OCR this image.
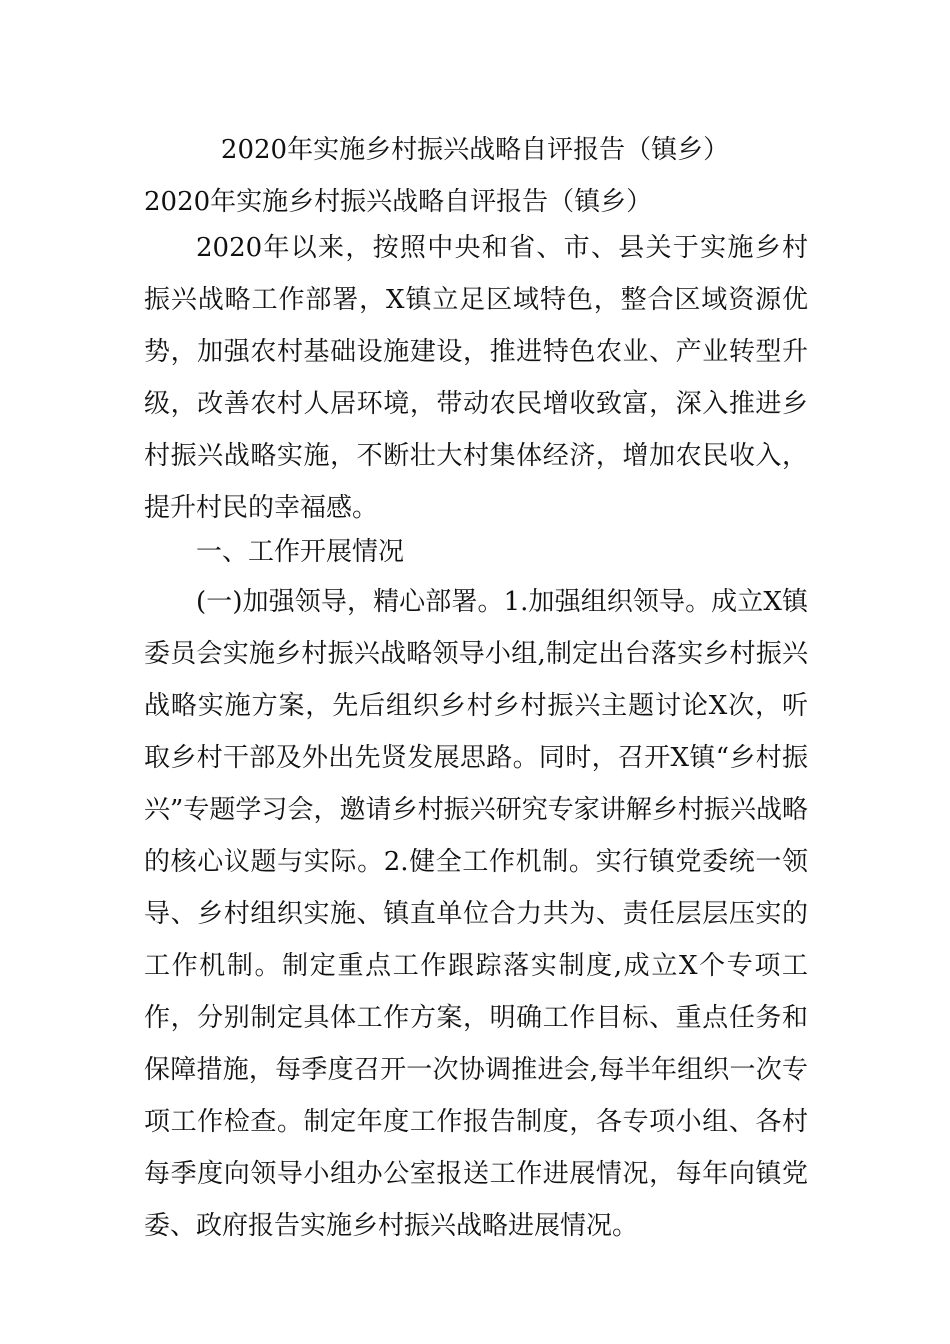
2020年实施乡村振兴战略自评报告（镇乡）
2020年实施乡村振兴战略自评报告（镇乡）

2020年以来，按照中央和省、市、县关于实施乡村振兴战略工作部署，X镇立足区域特色，整合区域资源优势，加强农村基础设施建设，推进特色农业、产业转型升级，改善农村人居环境，带动农民增收致富，深入推进乡村振兴战略实施，不断壮大村集体经济，增加农民收入，提升村民的幸福感。

一、工作开展情况

(一)加强领导，精心部署。1.加强组织领导。成立X镇委员会实施乡村振兴战略领导小组,制定出台落实乡村振兴战略实施方案，先后组织乡村乡村振兴主题讨论X次，听取乡村干部及外出先贤发展思路。同时，召开X镇“乡村振兴”专题学习会，邀请乡村振兴研究专家讲解乡村振兴战略的核心议题与实际。2.健全工作机制。实行镇党委统一领导、乡村组织实施、镇直单位合力共为、责任层层压实的工作机制。制定重点工作跟踪落实制度,成立X个专项工作，分别制定具体工作方案，明确工作目标、重点任务和保障措施，每季度召开一次协调推进会,每半年组织一次专项工作检查。制定年度工作报告制度，各专项小组、各村每季度向领导小组办公室报送工作进展情况，每年向镇党委、政府报告实施乡村振兴战略进展情况。
